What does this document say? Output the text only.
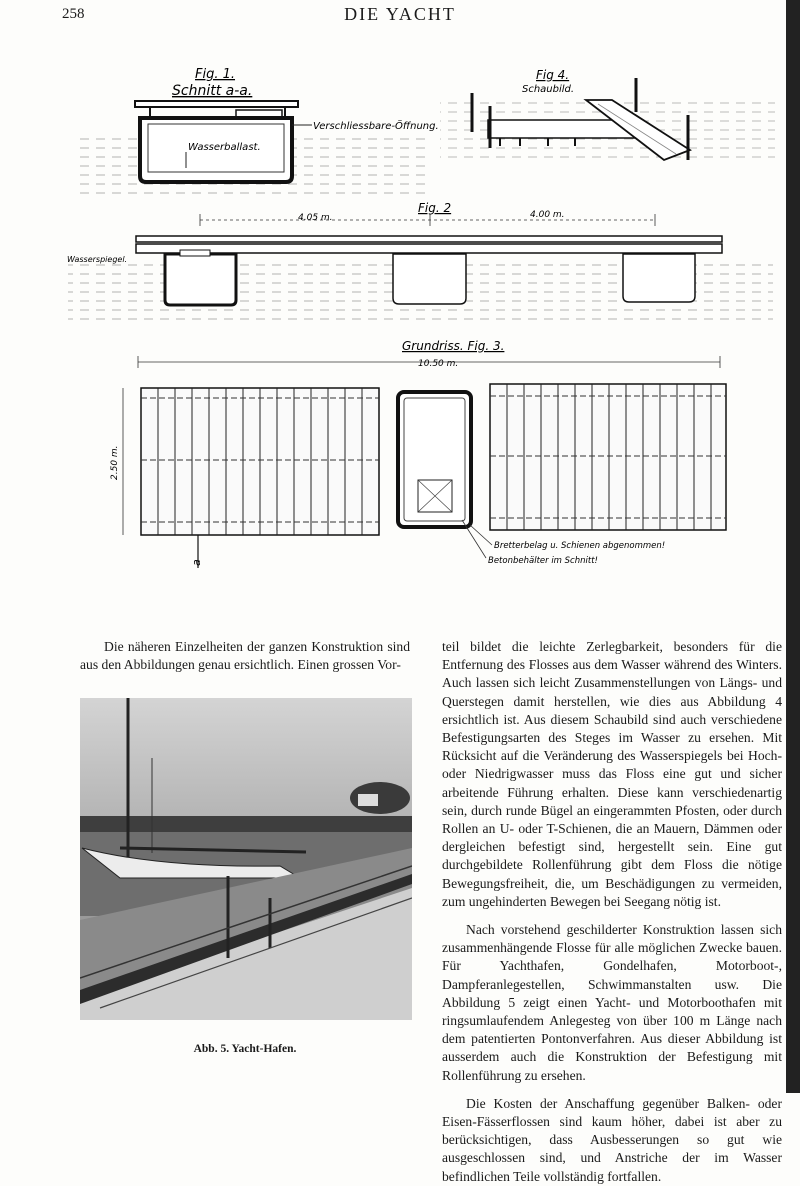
258	DIE YACHT
Fig. 1.
Schnitt a-a.
Wasserballast.
Verschliessbare-Öffnung.
Fig 4.
Schaubild.
Fig. 2
4.05 m.	4.00 m.
Wasserspiegel.
Grundriss. Fig. 3.
10.50 m.
2.50 m.
a
Bretterbelag u. Schienen abgenommen!
Betonbehälter im Schnitt!

Die näheren Einzelheiten der ganzen Konstruktion sind aus den Abbildungen genau ersichtlich. Einen grossen Vor-

Abb. 5. Yacht-Hafen.

teil bildet die leichte Zerlegbarkeit, besonders für die Entfernung des Flosses aus dem Wasser während des Winters. Auch lassen sich leicht Zusammenstellungen von Längs- und Querstegen damit herstellen, wie dies aus Abbildung 4 ersichtlich ist. Aus diesem Schaubild sind auch verschiedene Befestigungsarten des Steges im Wasser zu ersehen. Mit Rücksicht auf die Veränderung des Wasserspiegels bei Hoch- oder Niedrigwasser muss das Floss eine gut und sicher arbeitende Führung erhalten. Diese kann verschiedenartig sein, durch runde Bügel an eingerammten Pfosten, oder durch Rollen an U- oder T-Schienen, die an Mauern, Dämmen oder dergleichen befestigt sind, hergestellt sein. Eine gut durchgebildete Rollenführung gibt dem Floss die nötige Bewegungsfreiheit, die, um Beschädigungen zu vermeiden, zum ungehinderten Bewegen bei Seegang nötig ist.

Nach vorstehend geschilderter Konstruktion lassen sich zusammenhängende Flosse für alle möglichen Zwecke bauen. Für Yachthafen, Gondelhafen, Motorboot-, Dampferanlegestellen, Schwimmanstalten usw. Die Abbildung 5 zeigt einen Yacht- und Motorboothafen mit ringsumlaufendem Anlegesteg von über 100 m Länge nach dem patentierten Pontonverfahren. Aus dieser Abbildung ist ausserdem auch die Konstruktion der Befestigung mit Rollenführung zu ersehen.

Die Kosten der Anschaffung gegenüber Balken- oder Eisen-Fässerflossen sind kaum höher, dabei ist aber zu berücksichtigen, dass Ausbesserungen so gut wie ausgeschlossen sind, und Anstriche der im Wasser befindlichen Teile vollständig fortfallen.
